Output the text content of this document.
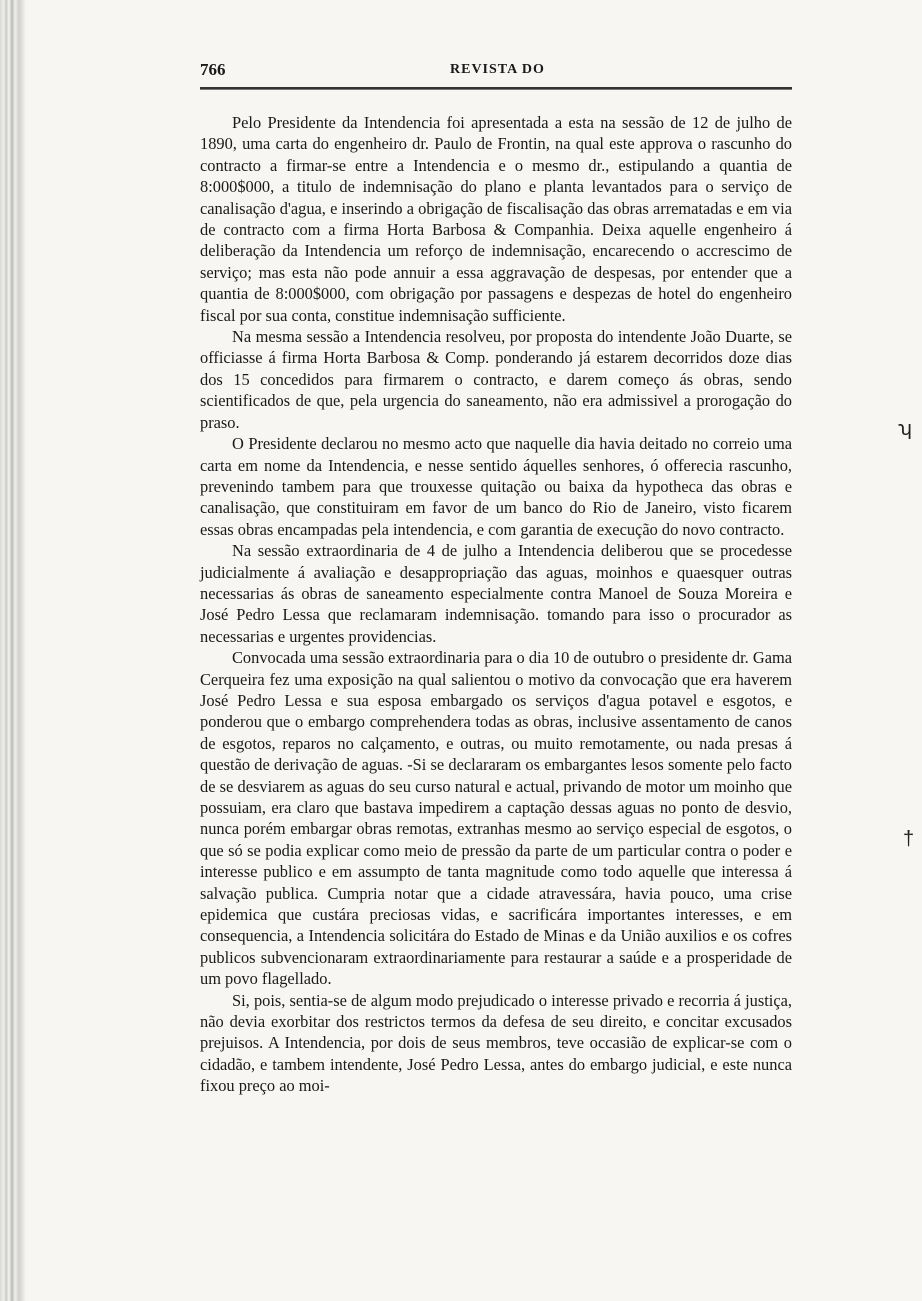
766	REVISTA DO

Pelo Presidente da Intendencia foi apresentada a esta na sessão de 12 de julho de 1890, uma carta do engenheiro dr. Paulo de Frontin, na qual este approva o rascunho do contracto a firmar-se entre a Intendencia e o mesmo dr., estipulando a quantia de 8:000$000, a titulo de indemnisação do plano e planta levantados para o serviço de canalisação d'agua, e inserindo a obrigação de fiscalisação das obras arrematadas e em via de contracto com a firma Horta Barbosa & Companhia. Deixa aquelle engenheiro á deliberação da Intendencia um reforço de indemnisação, encarecendo o accrescimo de serviço; mas esta não pode annuir a essa aggravação de despesas, por entender que a quantia de 8:000$000, com obrigação por passagens e despezas de hotel do engenheiro fiscal por sua conta, constitue indemnisação sufficiente.

Na mesma sessão a Intendencia resolveu, por proposta do intendente João Duarte, se officiasse á firma Horta Barbosa & Comp. ponderando já estarem decorridos doze dias dos 15 concedidos para firmarem o contracto, e darem começo ás obras, sendo scientificados de que, pela urgencia do saneamento, não era admissivel a prorogação do praso.

O Presidente declarou no mesmo acto que naquelle dia havia deitado no correio uma carta em nome da Intendencia, e nesse sentido áquelles senhores, ó offerecia rascunho, prevenindo tambem para que trouxesse quitação ou baixa da hypotheca das obras e canalisação, que constituiram em favor de um banco do Rio de Janeiro, visto ficarem essas obras encampadas pela intendencia, e com garantia de execução do novo contracto.

Na sessão extraordinaria de 4 de julho a Intendencia deliberou que se procedesse judicialmente á avaliação e desappropriação das aguas, moinhos e quaesquer outras necessarias ás obras de saneamento especialmente contra Manoel de Souza Moreira e José Pedro Lessa que reclamaram indemnisação. tomando para isso o procurador as necessarias e urgentes providencias.

Convocada uma sessão extraordinaria para o dia 10 de outubro o presidente dr. Gama Cerqueira fez uma exposição na qual salientou o motivo da convocação que era haverem José Pedro Lessa e sua esposa embargado os serviços d'agua potavel e esgotos, e ponderou que o embargo comprehendera todas as obras, inclusive assentamento de canos de esgotos, reparos no calçamento, e outras, ou muito remotamente, ou nada presas á questão de derivação de aguas. -Si se declararam os embargantes lesos somente pelo facto de se desviarem as aguas do seu curso natural e actual, privando de motor um moinho que possuiam, era claro que bastava impedirem a captação dessas aguas no ponto de desvio, nunca porém embargar obras remotas, extranhas mesmo ao serviço especial de esgotos, o que só se podia explicar como meio de pressão da parte de um particular contra o poder e interesse publico e em assumpto de tanta magnitude como todo aquelle que interessa á salvação publica. Cumpria notar que a cidade atravessára, havia pouco, uma crise epidemica que custára preciosas vidas, e sacrificára importantes interesses, e em consequencia, a Intendencia solicitára do Estado de Minas e da União auxilios e os cofres publicos subvencionaram extraordinariamente para restaurar a saúde e a prosperidade de um povo flagellado.

Si, pois, sentia-se de algum modo prejudicado o interesse privado e recorria á justiça, não devia exorbitar dos restrictos termos da defesa de seu direito, e concitar excusados prejuisos. A Intendencia, por dois de seus membros, teve occasião de explicar-se com o cidadão, e tambem intendente, José Pedro Lessa, antes do embargo judicial, e este nunca fixou preço ao moi-

ʮ
†
